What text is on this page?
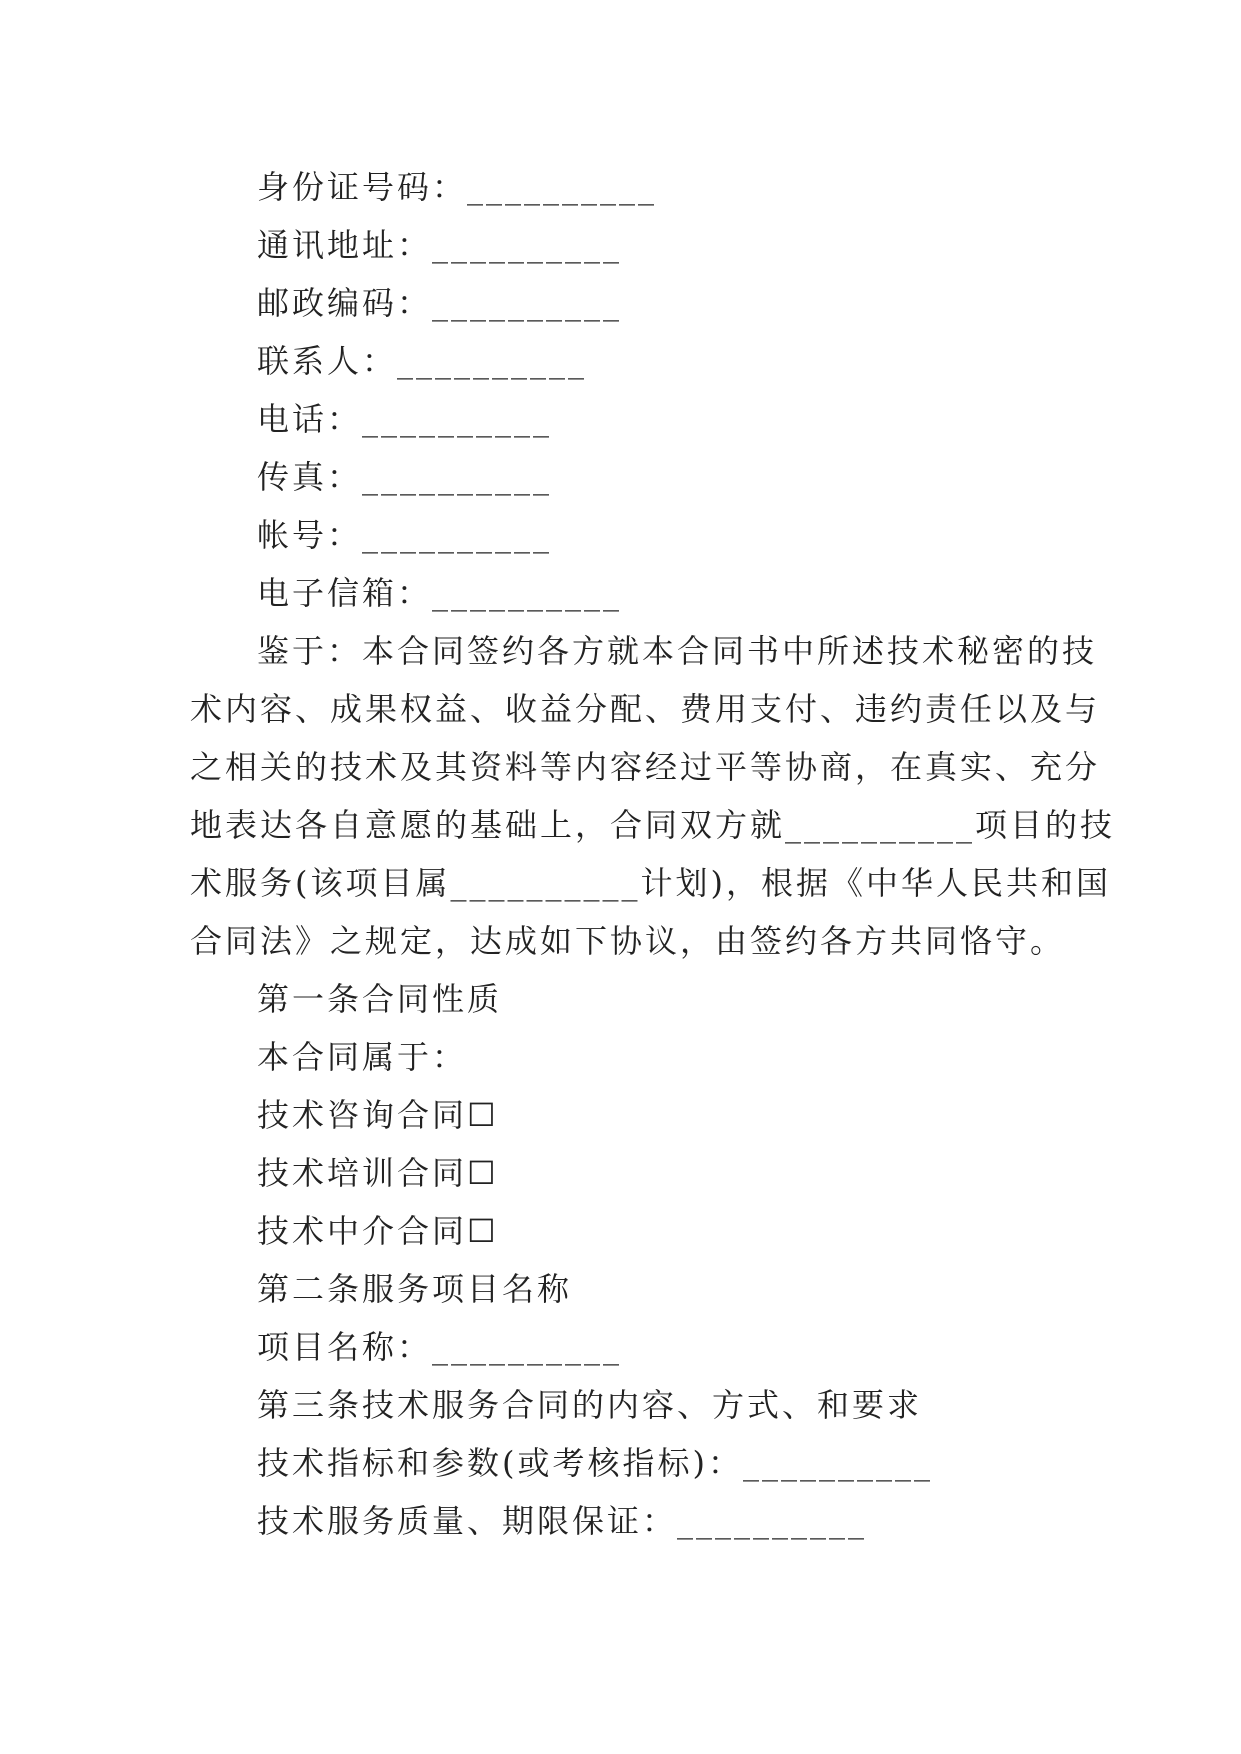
身份证号码：__________
通讯地址：__________
邮政编码：__________
联系人：__________
电话：__________
传真：__________
帐号：__________
电子信箱：__________
鉴于：本合同签约各方就本合同书中所述技术秘密的技
术内容、成果权益、收益分配、费用支付、违约责任以及与
之相关的技术及其资料等内容经过平等协商，在真实、充分
地表达各自意愿的基础上，合同双方就__________项目的技
术服务(该项目属__________计划)，根据《中华人民共和国
合同法》之规定，达成如下协议，由签约各方共同恪守。
第一条合同性质
本合同属于：
技术咨询合同☐
技术培训合同☐
技术中介合同☐
第二条服务项目名称
项目名称：__________
第三条技术服务合同的内容、方式、和要求
技术指标和参数(或考核指标)：__________
技术服务质量、期限保证：__________
